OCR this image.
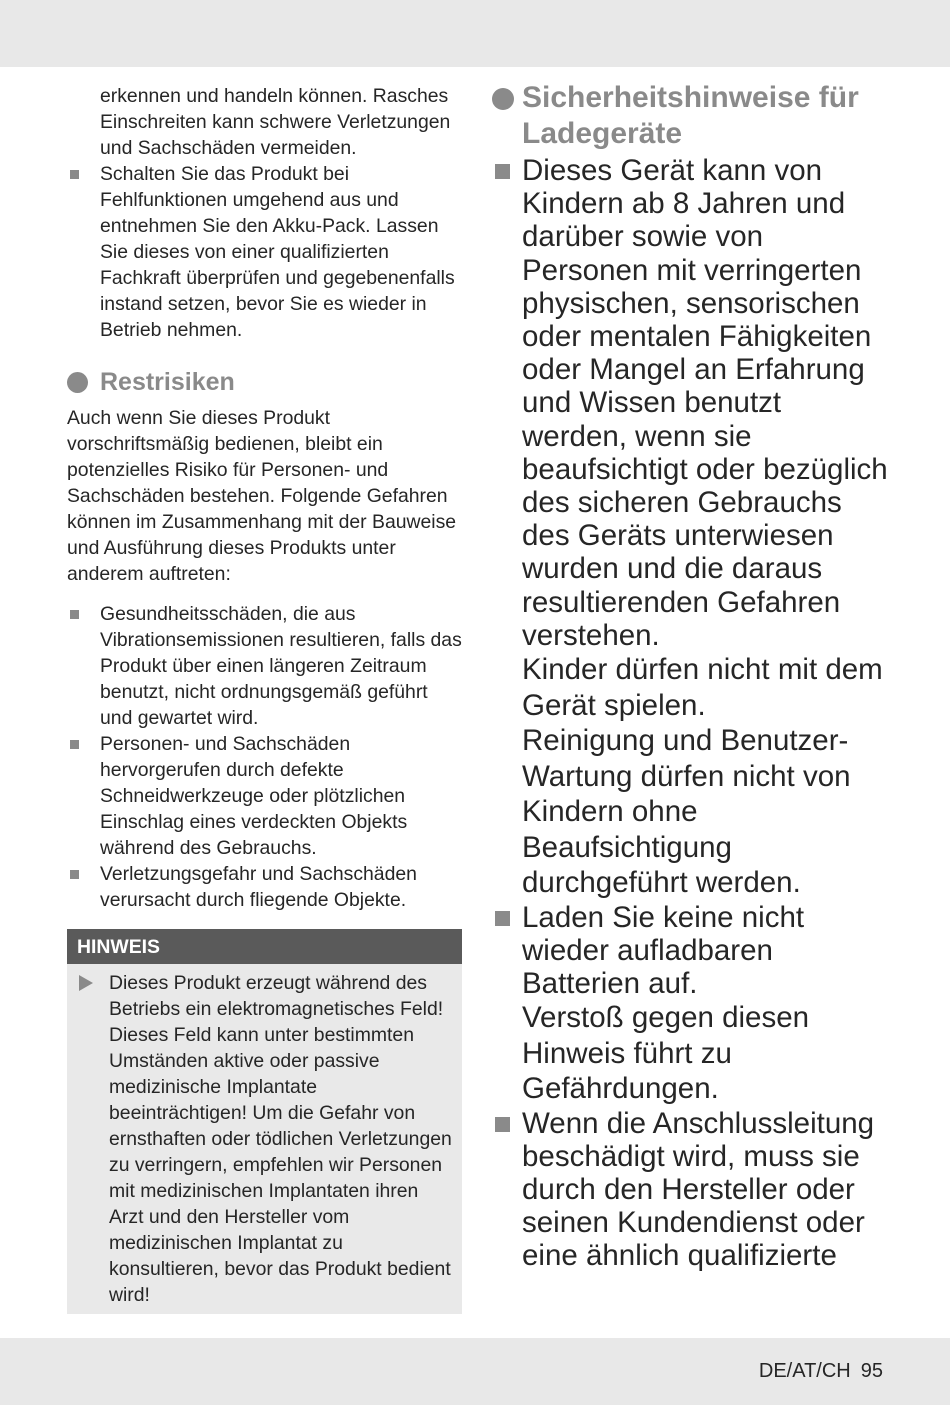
erkennen und handeln können. Rasches Einschreiten kann schwere Verletzungen und Sachschäden vermeiden.

Schalten Sie das Produkt bei Fehlfunktionen umgehend aus und entnehmen Sie den Akku-Pack. Lassen Sie dieses von einer qualifizierten Fachkraft überprüfen und gegebenenfalls instand setzen, bevor Sie es wieder in Betrieb nehmen.
Restrisiken

Auch wenn Sie dieses Produkt vorschriftsmäßig bedienen, bleibt ein potenzielles Risiko für Personen- und Sachschäden bestehen. Folgende Gefahren können im Zusammenhang mit der Bauweise und Ausführung dieses Produkts unter anderem auftreten:

Gesundheitsschäden, die aus Vibrationsemissionen resultieren, falls das Produkt über einen längeren Zeitraum benutzt, nicht ordnungsgemäß geführt und gewartet wird.
Personen- und Sachschäden hervorgerufen durch defekte Schneidwerkzeuge oder plötzlichen Einschlag eines verdeckten Objekts während des Gebrauchs.
Verletzungsgefahr und Sachschäden verursacht durch fliegende Objekte.
HINWEIS

Dieses Produkt erzeugt während des Betriebs ein elektromagnetisches Feld! Dieses Feld kann unter bestimmten Umständen aktive oder passive medizinische Implantate beeinträchtigen! Um die Gefahr von ernsthaften oder tödlichen Verletzungen zu verringern, empfehlen wir Personen mit medizinischen Implantaten ihren Arzt und den Hersteller vom medizinischen Implantat zu konsultieren, bevor das Produkt bedient wird!

Sicherheitshinweise für Ladegeräte

Dieses Gerät kann von Kindern ab 8 Jahren und darüber sowie von Personen mit verringerten physischen, sensorischen oder mentalen Fähigkeiten oder Mangel an Erfahrung und Wissen benutzt werden, wenn sie beaufsichtigt oder bezüglich des sicheren Gebrauchs des Geräts unterwiesen wurden und die daraus resultierenden Gefahren verstehen.

Kinder dürfen nicht mit dem Gerät spielen.

Reinigung und Benutzer-Wartung dürfen nicht von Kindern ohne Beaufsichtigung durchgeführt werden.

Laden Sie keine nicht wieder aufladbaren Batterien auf.

Verstoß gegen diesen Hinweis führt zu Gefährdungen.

Wenn die Anschlussleitung beschädigt wird, muss sie durch den Hersteller oder seinen Kundendienst oder eine ähnlich qualifizierte

DE/AT/CH 95
